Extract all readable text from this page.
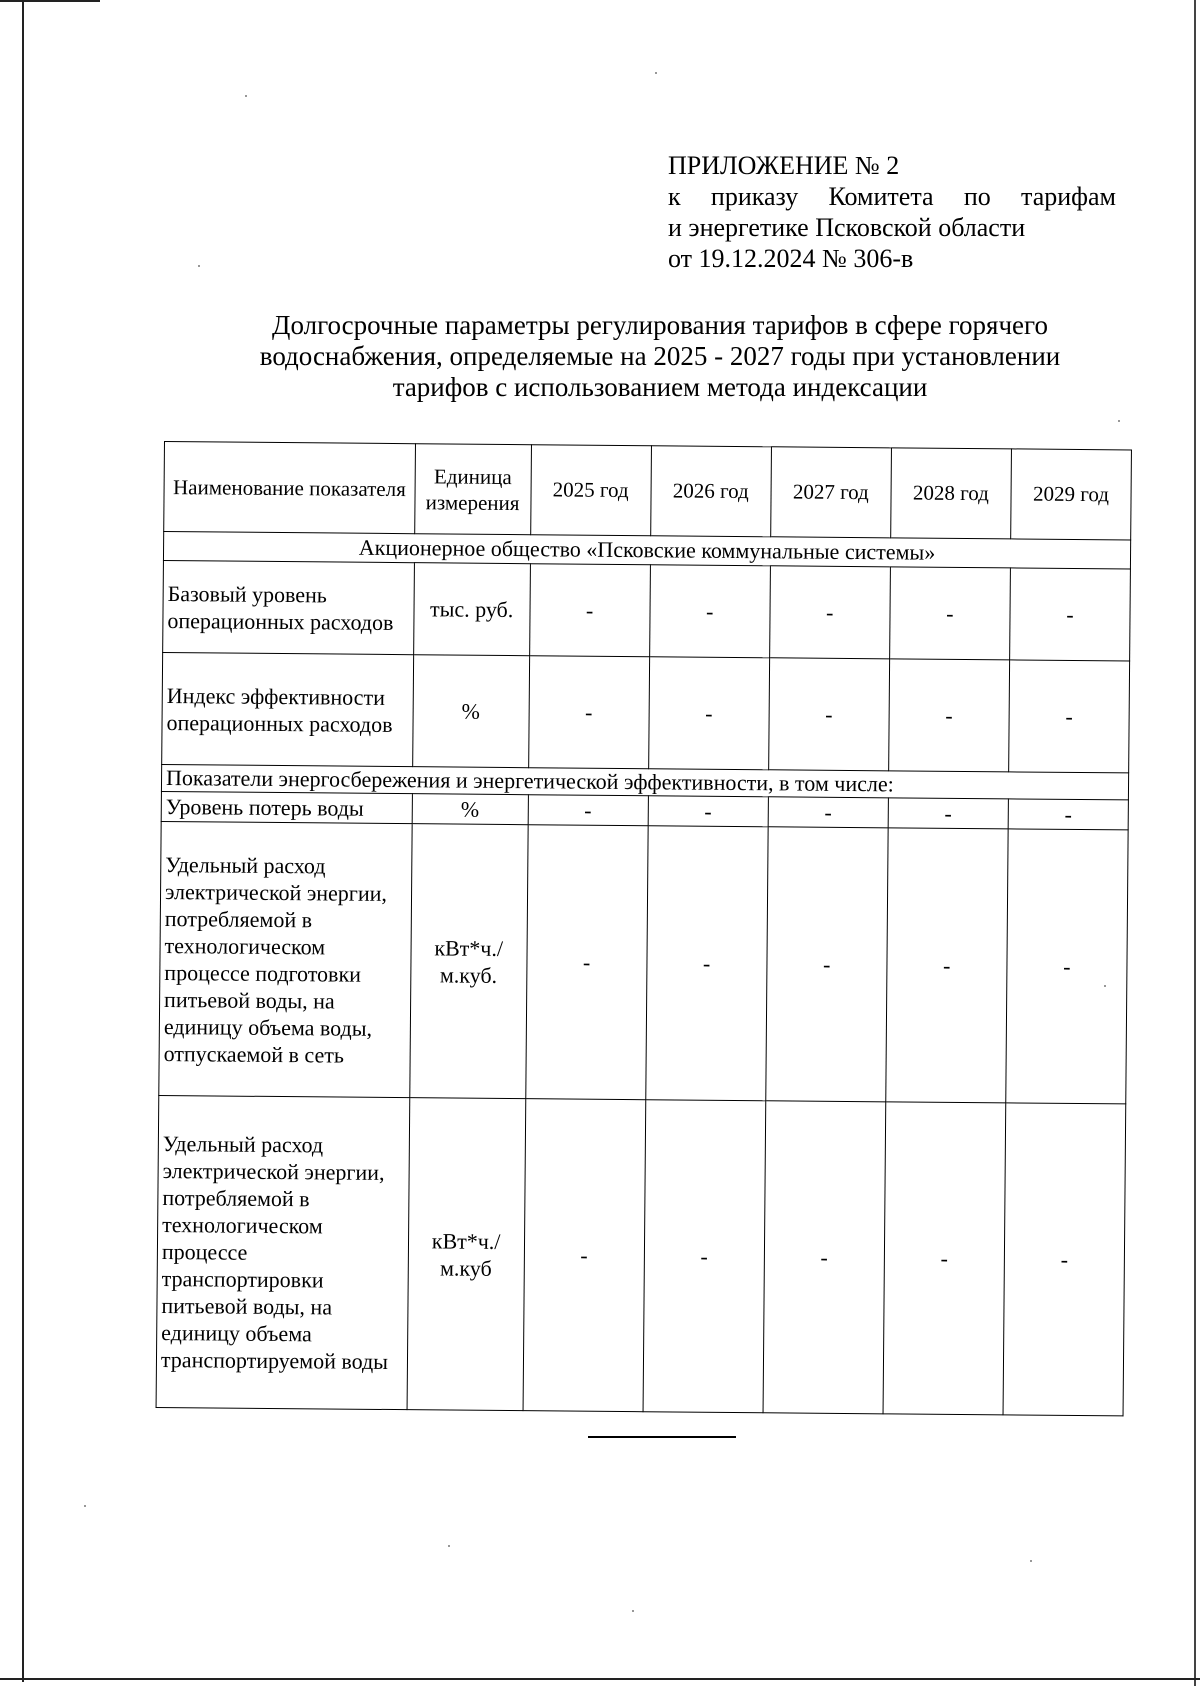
ПРИЛОЖЕНИЕ № 2
к приказу Комитета по тарифам
и энергетике Псковской области
от 19.12.2024 № 306-в
Долгосрочные параметры регулирования тарифов в сфере горячего
водоснабжения, определяемые на 2025 - 2027 годы при установлении
тарифов с использованием метода индексации
Наименование показателя	Единица измерения	2025 год	2026 год	2027 год	2028 год	2029 год
Акционерное общество «Псковские коммунальные системы»						
Базовый уровень операционных расходов	тыс. руб.	-	-	-	-	-
Индекс эффективности операционных расходов	%	-	-	-	-	-
Показатели энергосбережения и энергетической эффективности, в том числе:						
Уровень потерь воды	%	-	-	-	-	-
Удельный расход электрической энергии, потребляемой в технологическом процессе подготовки питьевой воды, на единицу объема воды, отпускаемой в сеть	кВт*ч./м.куб.	-	-	-	-	-
Удельный расход электрической энергии, потребляемой в технологическом процессе транспортировки питьевой воды, на единицу объема транспортируемой воды	кВт*ч./м.куб	-	-	-	-	-
